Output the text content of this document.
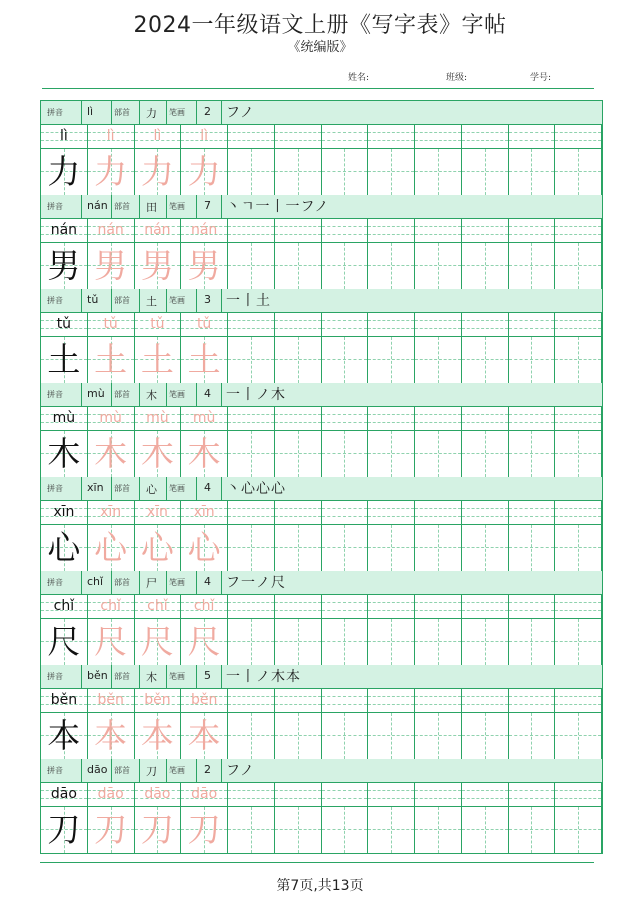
2024一年级语文上册《写字表》字帖
《统编版》
姓名:	班级:	学号:
拼音 lì	部首 力 笔画 2 フノ
lì	lì	lì	lì
力 力 力 力
拼音 nán 部首 田 笔画 7 丶ㄱ一丨一フノ
nán	nán	nán	nán
男 男 男 男
拼音 tǔ 部首 土 笔画 3 一丨土
tǔ	tǔ	tǔ	tǔ
土 土 土 土
拼音 mù 部首 木 笔画 4 一丨ノ木
mù	mù	mù	mù
木 木 木 木
拼音 xīn 部首 心 笔画 4 丶心心心
xīn	xīn	xīn	xīn
心 心 心 心
拼音 chǐ 部首 尸 笔画 4 フ一ノ尺
chǐ	chǐ	chǐ	chǐ
尺 尺 尺 尺
拼音 běn 部首 木 笔画 5 一丨ノ木本
běn	běn	běn	běn
本 本 本 本
拼音 dāo 部首 刀 笔画 2 フノ
dāo	dāo	dāo	dāo
刀 刀 刀 刀
第7页,共13页
